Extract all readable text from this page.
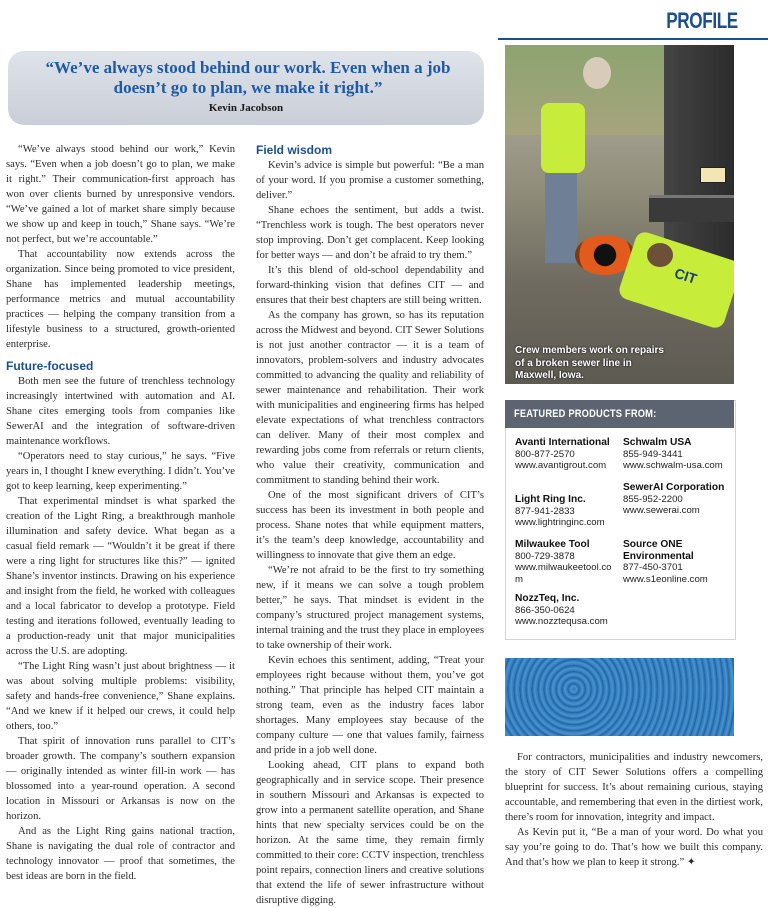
PROFILE
“We’ve always stood behind our work. Even when a job doesn’t go to plan, we make it right.”
Kevin Jacobson

“We’ve always stood behind our work,” Kevin says. “Even when a job doesn’t go to plan, we make it right.” Their communication-first approach has won over clients burned by unresponsive vendors. “We’ve gained a lot of market share simply because we show up and keep in touch,” Shane says. “We’re not perfect, but we’re accountable.”

That accountability now extends across the organization. Since being promoted to vice president, Shane has implemented leadership meetings, performance metrics and mutual accountability practices — helping the company transition from a lifestyle business to a structured, growth-oriented enterprise.

Future-focused

Both men see the future of trenchless technology increasingly intertwined with automation and AI. Shane cites emerging tools from companies like SewerAI and the integration of software-driven maintenance workflows.

“Operators need to stay curious,” he says. “Five years in, I thought I knew everything. I didn’t. You’ve got to keep learning, keep experimenting.”

That experimental mindset is what sparked the creation of the Light Ring, a breakthrough manhole illumination and safety device. What began as a casual field remark — “Wouldn’t it be great if there were a ring light for structures like this?” — ignited Shane’s inventor instincts. Drawing on his experience and insight from the field, he worked with colleagues and a local fabricator to develop a prototype. Field testing and iterations followed, eventually leading to a production-ready unit that major municipalities across the U.S. are adopting.

“The Light Ring wasn’t just about brightness — it was about solving multiple problems: visibility, safety and hands-free convenience,” Shane explains. “And we knew if it helped our crews, it could help others, too.”

That spirit of innovation runs parallel to CIT’s broader growth. The company’s southern expansion — originally intended as winter fill-in work — has blossomed into a year-round operation. A second location in Missouri or Arkansas is now on the horizon.

And as the Light Ring gains national traction, Shane is navigating the dual role of contractor and technology innovator — proof that sometimes, the best ideas are born in the field.

Field wisdom

Kevin’s advice is simple but powerful: “Be a man of your word. If you promise a customer something, deliver.”

Shane echoes the sentiment, but adds a twist. “Trenchless work is tough. The best operators never stop improving. Don’t get complacent. Keep looking for better ways — and don’t be afraid to try them.”

It’s this blend of old-school dependability and forward-thinking vision that defines CIT — and ensures that their best chapters are still being written.

As the company has grown, so has its reputation across the Midwest and beyond. CIT Sewer Solutions is not just another contractor — it is a team of innovators, problem-solvers and industry advocates committed to advancing the quality and reliability of sewer maintenance and rehabilitation. Their work with municipalities and engineering firms has helped elevate expectations of what trenchless contractors can deliver. Many of their most complex and rewarding jobs come from referrals or return clients, who value their creativity, communication and commitment to standing behind their work.

One of the most significant drivers of CIT’s success has been its investment in both people and process. Shane notes that while equipment matters, it’s the team’s deep knowledge, accountability and willingness to innovate that give them an edge.

“We’re not afraid to be the first to try something new, if it means we can solve a tough problem better,” he says. That mindset is evident in the company’s structured project management systems, internal training and the trust they place in employees to take ownership of their work.

Kevin echoes this sentiment, adding, “Treat your employees right because without them, you’ve got nothing.” That principle has helped CIT maintain a strong team, even as the industry faces labor shortages. Many employees stay because of the company culture — one that values family, fairness and pride in a job well done.

Looking ahead, CIT plans to expand both geographically and in service scope. Their presence in southern Missouri and Arkansas is expected to grow into a permanent satellite operation, and Shane hints that new specialty services could be on the horizon. At the same time, they remain firmly committed to their core: CCTV inspection, trenchless point repairs, connection liners and creative solutions that extend the life of sewer infrastructure without disruptive digging.

CIT
Crew members work on repairs of a broken sewer line in Maxwell, Iowa.
FEATURED PRODUCTS FROM:
Avanti International
800-877-2570
www.avantigrout.com
Schwalm USA
855-949-3441
www.schwalm-usa.com
Light Ring Inc.
877-941-2833
www.lightringinc.com
SewerAI Corporation
855-952-2200
www.sewerai.com
Milwaukee Tool
800-729-3878
www.milwaukeetool.com
Source ONE Environmental
877-450-3701
www.s1eonline.com
NozzTeq, Inc.
866-350-0624
www.nozztequsa.com

For contractors, municipalities and industry newcomers, the story of CIT Sewer Solutions offers a compelling blueprint for success. It’s about remaining curious, staying accountable, and remembering that even in the dirtiest work, there’s room for innovation, integrity and impact.

As Kevin put it, “Be a man of your word. Do what you say you’re going to do. That’s how we built this company. And that’s how we plan to keep it strong.” ✦
